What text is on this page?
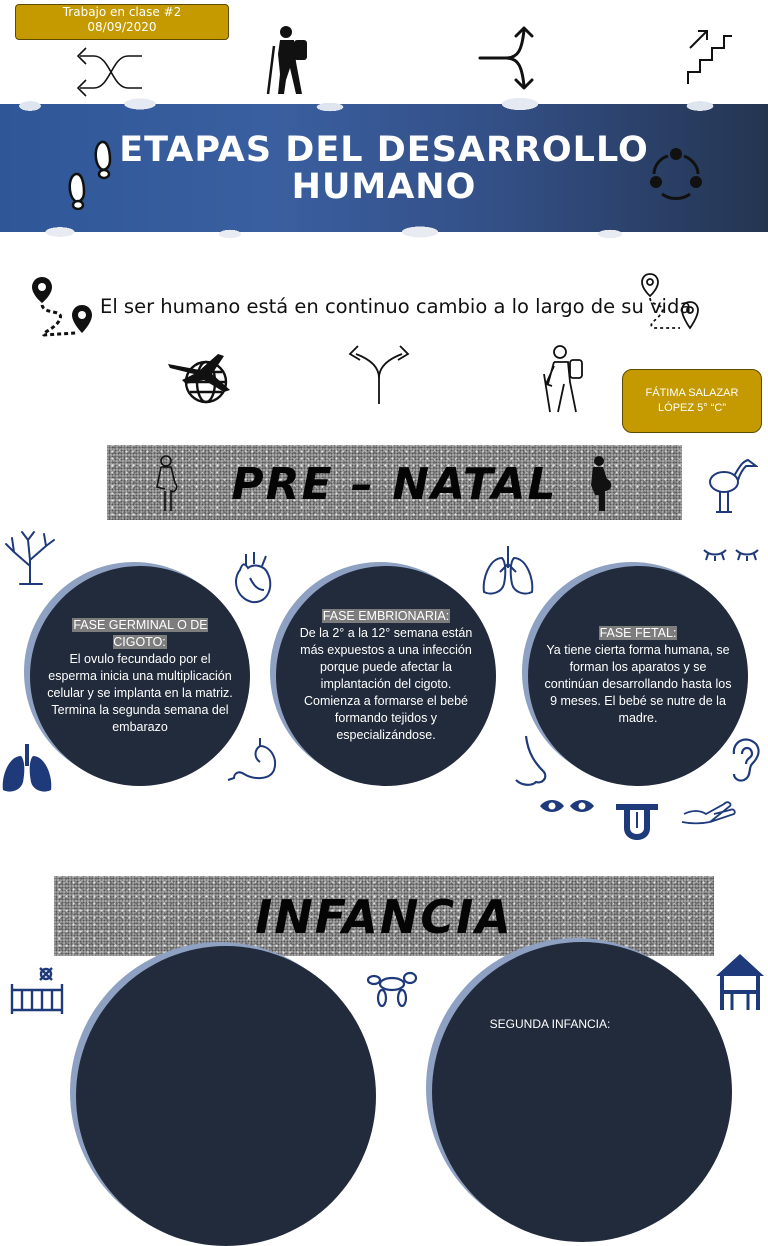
Trabajo en clase #2
08/09/2020
ETAPAS DEL DESARROLLO
HUMANO
El ser humano está en continuo cambio a lo largo de su vida
FÁTIMA SALAZAR
LÓPEZ 5° “C”
PRE – NATAL
FASE GERMINAL O DE CIGOTO:
El ovulo fecundado por el esperma inicia una multiplicación celular y se implanta en la matriz. Termina la segunda semana del embarazo
FASE EMBRIONARIA:
De la 2° a la 12° semana están más expuestos a una infección porque puede afectar la implantación del cigoto. Comienza a formarse el bebé formando tejidos y especializándose.
FASE FETAL:
Ya tiene cierta forma humana, se forman los aparatos y se continúan desarrollando hasta los 9 meses. El bebé se nutre de la madre.
INFANCIA
SEGUNDA INFANCIA:
